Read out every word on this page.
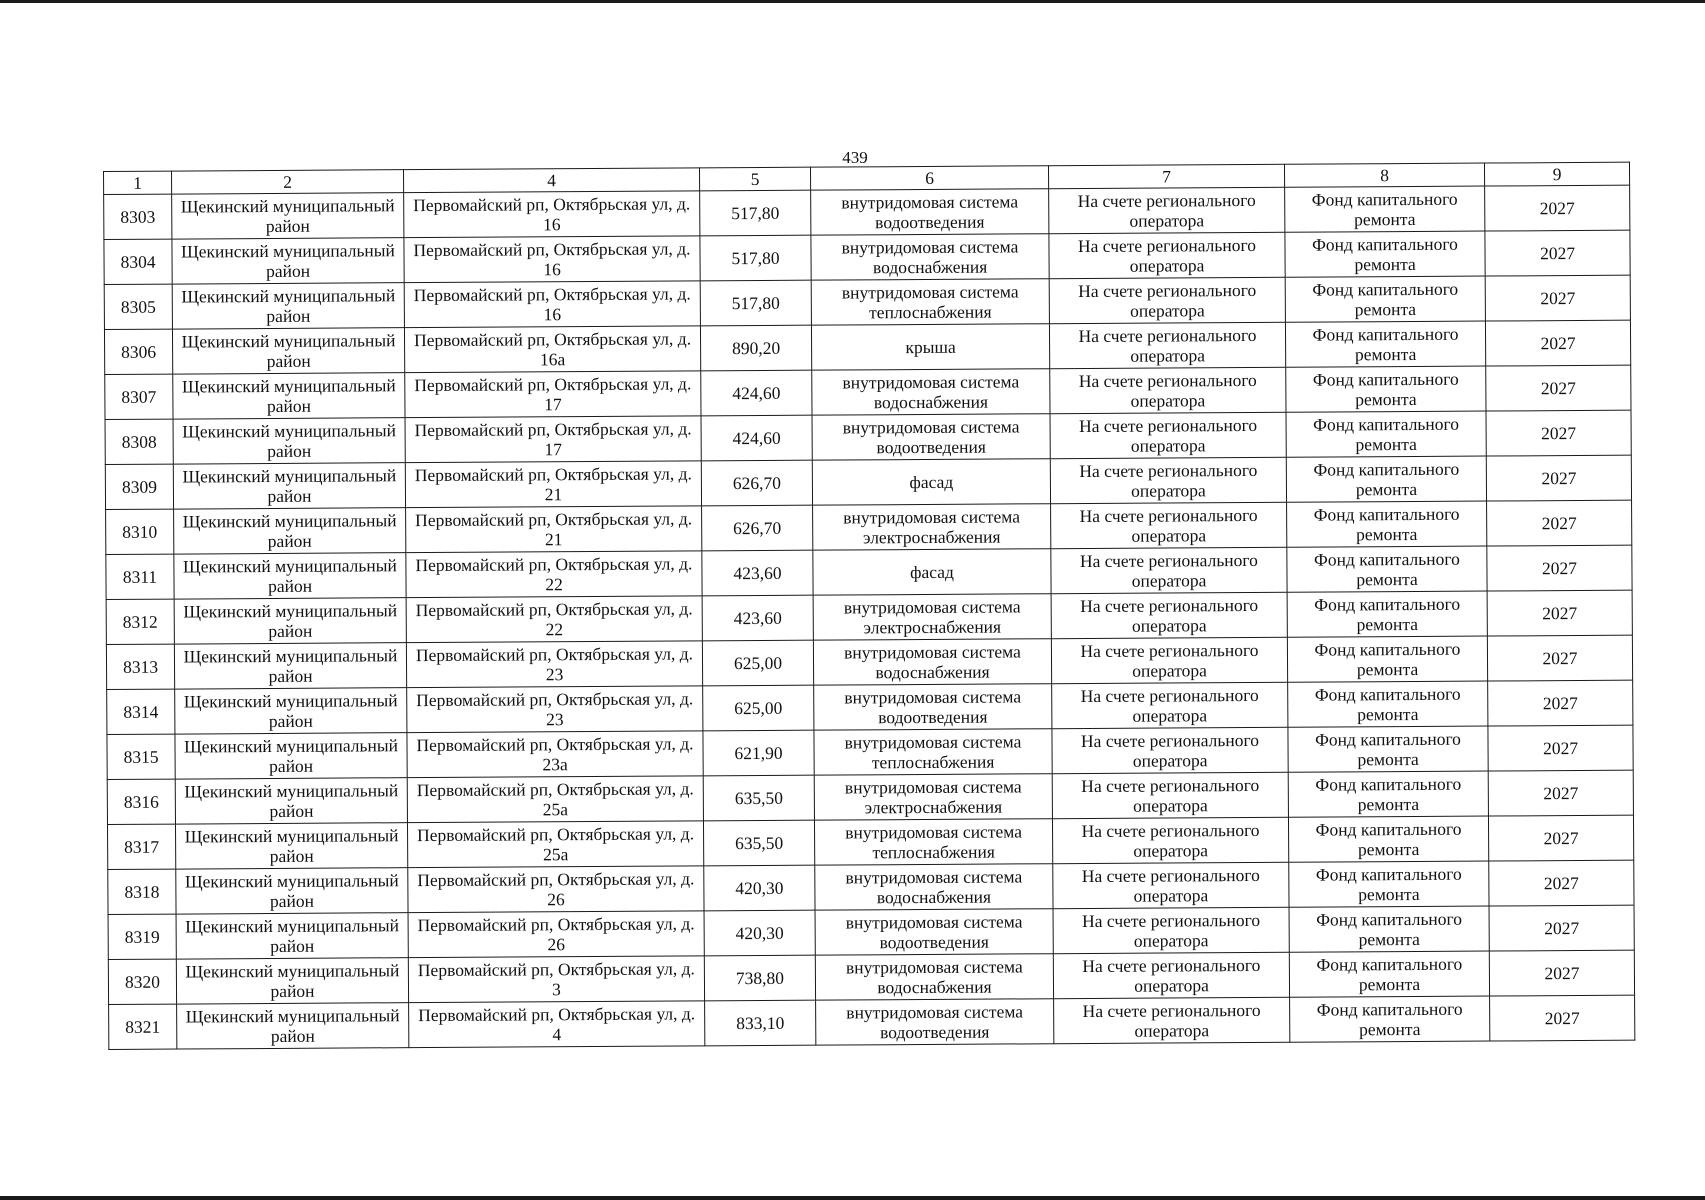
439
1	2	4	5	6	7	8	9
8303	Щекинский муниципальный район	Первомайский рп, Октябрьская ул, д. 16	517,80	внутридомовая система водоотведения	На счете регионального оператора	Фонд капитального ремонта	2027
8304	Щекинский муниципальный район	Первомайский рп, Октябрьская ул, д. 16	517,80	внутридомовая система водоснабжения	На счете регионального оператора	Фонд капитального ремонта	2027
8305	Щекинский муниципальный район	Первомайский рп, Октябрьская ул, д. 16	517,80	внутридомовая система теплоснабжения	На счете регионального оператора	Фонд капитального ремонта	2027
8306	Щекинский муниципальный район	Первомайский рп, Октябрьская ул, д. 16а	890,20	крыша	На счете регионального оператора	Фонд капитального ремонта	2027
8307	Щекинский муниципальный район	Первомайский рп, Октябрьская ул, д. 17	424,60	внутридомовая система водоснабжения	На счете регионального оператора	Фонд капитального ремонта	2027
8308	Щекинский муниципальный район	Первомайский рп, Октябрьская ул, д. 17	424,60	внутридомовая система водоотведения	На счете регионального оператора	Фонд капитального ремонта	2027
8309	Щекинский муниципальный район	Первомайский рп, Октябрьская ул, д. 21	626,70	фасад	На счете регионального оператора	Фонд капитального ремонта	2027
8310	Щекинский муниципальный район	Первомайский рп, Октябрьская ул, д. 21	626,70	внутридомовая система электроснабжения	На счете регионального оператора	Фонд капитального ремонта	2027
8311	Щекинский муниципальный район	Первомайский рп, Октябрьская ул, д. 22	423,60	фасад	На счете регионального оператора	Фонд капитального ремонта	2027
8312	Щекинский муниципальный район	Первомайский рп, Октябрьская ул, д. 22	423,60	внутридомовая система электроснабжения	На счете регионального оператора	Фонд капитального ремонта	2027
8313	Щекинский муниципальный район	Первомайский рп, Октябрьская ул, д. 23	625,00	внутридомовая система водоснабжения	На счете регионального оператора	Фонд капитального ремонта	2027
8314	Щекинский муниципальный район	Первомайский рп, Октябрьская ул, д. 23	625,00	внутридомовая система водоотведения	На счете регионального оператора	Фонд капитального ремонта	2027
8315	Щекинский муниципальный район	Первомайский рп, Октябрьская ул, д. 23а	621,90	внутридомовая система теплоснабжения	На счете регионального оператора	Фонд капитального ремонта	2027
8316	Щекинский муниципальный район	Первомайский рп, Октябрьская ул, д. 25а	635,50	внутридомовая система электроснабжения	На счете регионального оператора	Фонд капитального ремонта	2027
8317	Щекинский муниципальный район	Первомайский рп, Октябрьская ул, д. 25а	635,50	внутридомовая система теплоснабжения	На счете регионального оператора	Фонд капитального ремонта	2027
8318	Щекинский муниципальный район	Первомайский рп, Октябрьская ул, д. 26	420,30	внутридомовая система водоснабжения	На счете регионального оператора	Фонд капитального ремонта	2027
8319	Щекинский муниципальный район	Первомайский рп, Октябрьская ул, д. 26	420,30	внутридомовая система водоотведения	На счете регионального оператора	Фонд капитального ремонта	2027
8320	Щекинский муниципальный район	Первомайский рп, Октябрьская ул, д. 3	738,80	внутридомовая система водоснабжения	На счете регионального оператора	Фонд капитального ремонта	2027
8321	Щекинский муниципальный район	Первомайский рп, Октябрьская ул, д. 4	833,10	внутридомовая система водоотведения	На счете регионального оператора	Фонд капитального ремонта	2027
